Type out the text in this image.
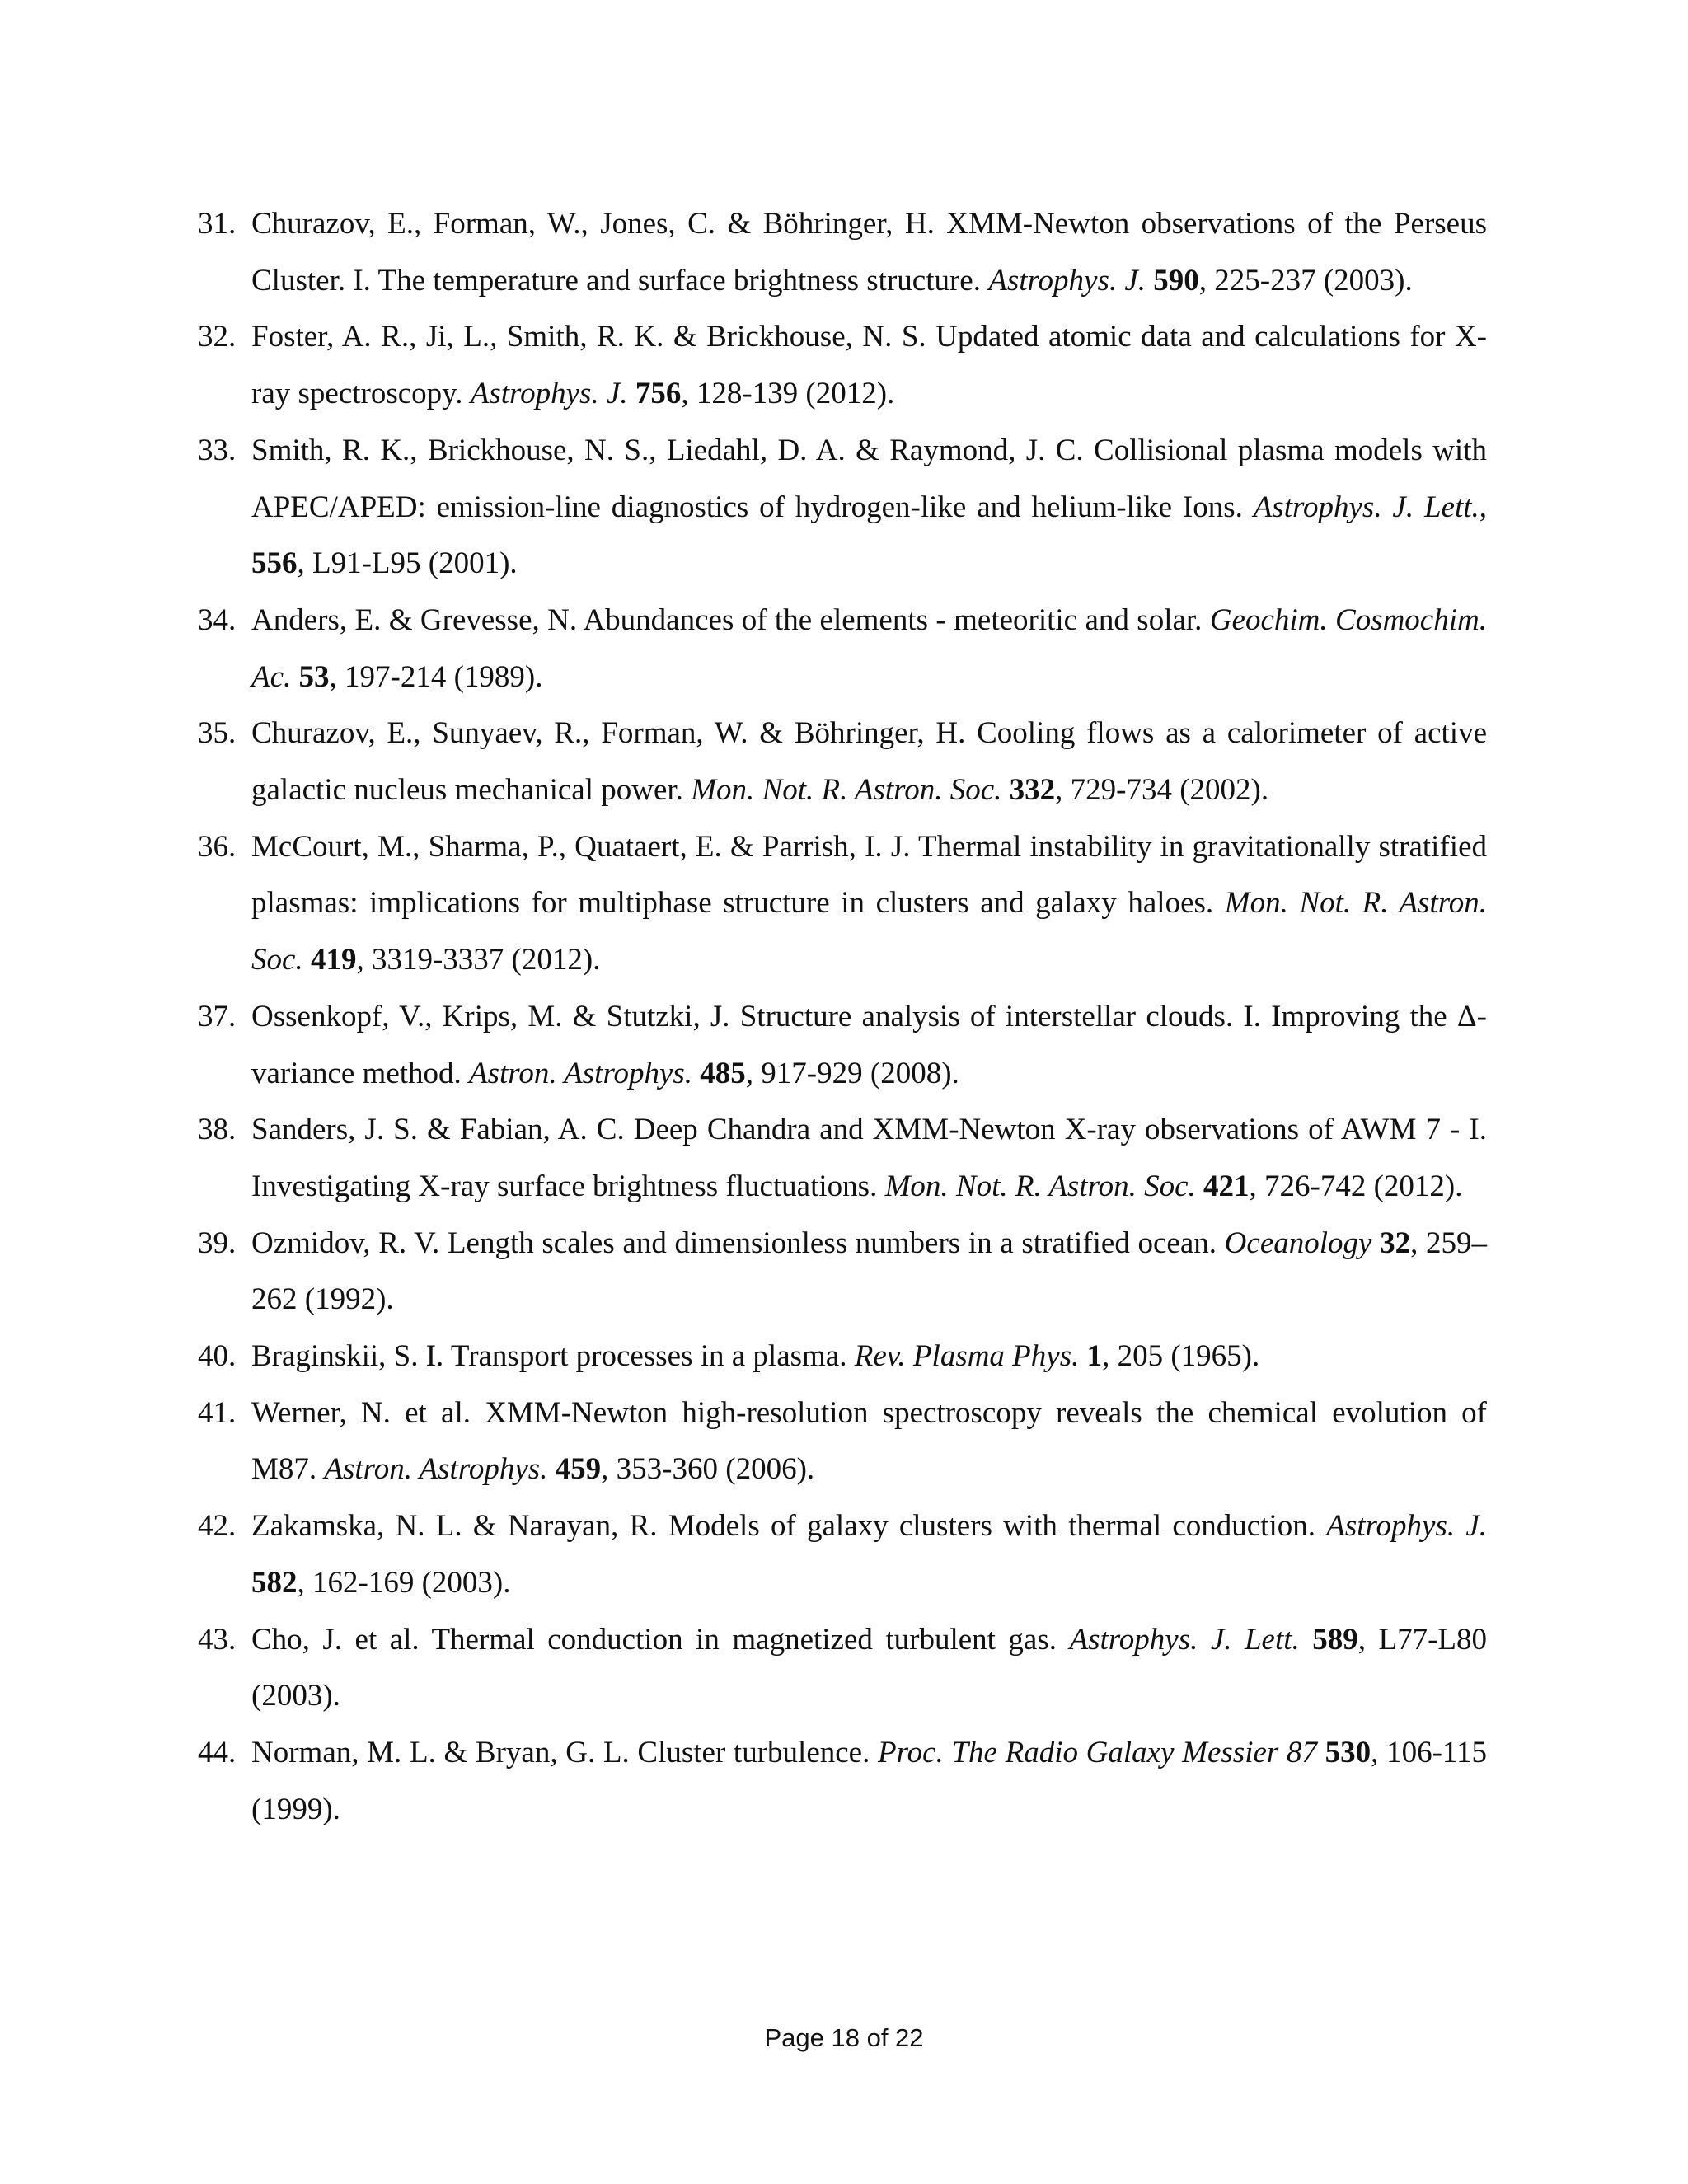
31. Churazov, E., Forman, W., Jones, C. & Böhringer, H. XMM-Newton observations of the Perseus Cluster. I. The temperature and surface brightness structure. Astrophys. J. 590, 225-237 (2003).
32. Foster, A. R., Ji, L., Smith, R. K. & Brickhouse, N. S. Updated atomic data and calculations for X-ray spectroscopy. Astrophys. J. 756, 128-139 (2012).
33. Smith, R. K., Brickhouse, N. S., Liedahl, D. A. & Raymond, J. C. Collisional plasma models with APEC/APED: emission-line diagnostics of hydrogen-like and helium-like Ions. Astrophys. J. Lett., 556, L91-L95 (2001).
34. Anders, E. & Grevesse, N. Abundances of the elements - meteoritic and solar. Geochim. Cosmochim. Ac. 53, 197-214 (1989).
35. Churazov, E., Sunyaev, R., Forman, W. & Böhringer, H. Cooling flows as a calorimeter of active galactic nucleus mechanical power. Mon. Not. R. Astron. Soc. 332, 729-734 (2002).
36. McCourt, M., Sharma, P., Quataert, E. & Parrish, I. J. Thermal instability in gravitationally stratified plasmas: implications for multiphase structure in clusters and galaxy haloes. Mon. Not. R. Astron. Soc. 419, 3319-3337 (2012).
37. Ossenkopf, V., Krips, M. & Stutzki, J. Structure analysis of interstellar clouds. I. Improving the Δ-variance method. Astron. Astrophys. 485, 917-929 (2008).
38. Sanders, J. S. & Fabian, A. C. Deep Chandra and XMM-Newton X-ray observations of AWM 7 - I. Investigating X-ray surface brightness fluctuations. Mon. Not. R. Astron. Soc. 421, 726-742 (2012).
39. Ozmidov, R. V. Length scales and dimensionless numbers in a stratified ocean. Oceanology 32, 259–262 (1992).
40. Braginskii, S. I. Transport processes in a plasma. Rev. Plasma Phys. 1, 205 (1965).
41. Werner, N. et al. XMM-Newton high-resolution spectroscopy reveals the chemical evolution of M87. Astron. Astrophys. 459, 353-360 (2006).
42. Zakamska, N. L. & Narayan, R. Models of galaxy clusters with thermal conduction. Astrophys. J. 582, 162-169 (2003).
43. Cho, J. et al. Thermal conduction in magnetized turbulent gas. Astrophys. J. Lett. 589, L77-L80 (2003).
44. Norman, M. L. & Bryan, G. L. Cluster turbulence. Proc. The Radio Galaxy Messier 87 530, 106-115 (1999).
Page 18 of 22
